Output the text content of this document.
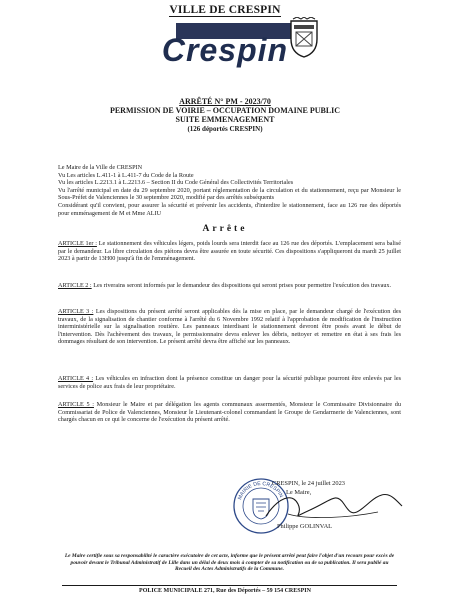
VILLE DE CRESPIN
Crespin
ARRÊTÉ N° PM - 2023/70
PERMISSION DE VOIRIE – OCCUPATION DOMAINE PUBLIC
SUITE EMMENAGEMENT
(126 déportés CRESPIN)
Le Maire de la Ville de CRESPIN
Vu Les articles L.411-1 à L.411-7 du Code de la Route
Vu les articles L.2213.1 à L.2213.6 – Section II du Code Général des Collectivités Territoriales
Vu l'arrêté municipal en date du 29 septembre 2020, portant réglementation de la circulation et du stationnement, reçu par Monsieur le Sous-Préfet de Valenciennes le 30 septembre 2020, modifié par des arrêtés subséquents
Considérant qu'il convient, pour assurer la sécurité et prévenir les accidents, d'interdire le stationnement, face au 126 rue des déportés pour emménagement de M et Mme ALIU
Arrête
ARTICLE 1er : Le stationnement des véhicules légers, poids lourds sera interdit face au 126 rue des déportés. L'emplacement sera balisé par le demandeur. La libre circulation des piétons devra être assurée en toute sécurité. Ces dispositions s'appliqueront du mardi 25 juillet 2023 à partir de 13H00 jusqu'à fin de l'emménagement.
ARTICLE 2 : Les riverains seront informés par le demandeur des dispositions qui seront prises pour permettre l'exécution des travaux.
ARTICLE 3 : Les dispositions du présent arrêté seront applicables dès la mise en place, par le demandeur chargé de l'exécution des travaux, de la signalisation de chantier conforme à l'arrêté du 6 Novembre 1992 relatif à l'approbation de modification de l'instruction interministérielle sur la signalisation routière. Les panneaux interdisant le stationnement devront être posés avant le début de l'intervention. Dès l'achèvement des travaux, le permissionnaire devra enlever les débris, nettoyer et remettre en état à ses frais les dommages résultant de son intervention. Le présent arrêté devra être affiché sur les panneaux.
ARTICLE 4 : Les véhicules en infraction dont la présence constitue un danger pour la sécurité publique pourront être enlevés par les services de police aux frais de leur propriétaire.
ARTICLE 5 : Monsieur le Maire et par délégation les agents communaux assermentés, Monsieur le Commissaire Divisionnaire du Commissariat de Police de Valenciennes, Monsieur le Lieutenant-colonel commandant le Groupe de Gendarmerie de Valenciennes, sont chargés chacun en ce qui le concerne de l'exécution du présent arrêté.
MAIRIE DE CRESPIN
CRESPIN, le 24 juillet 2023
Le Maire,
Philippe GOLINVAL
Le Maire certifie sous sa responsabilité le caractère exécutoire de cet acte, informe que le présent arrêté peut faire l'objet d'un recours pour excès de pouvoir devant le Tribunal Administratif de Lille dans un délai de deux mois à compter de sa notification ou de sa publication. Il sera publié au Recueil des Actes Administratifs de la Commune.
POLICE MUNICIPALE 271, Rue des Déportés – 59 154 CRESPIN
